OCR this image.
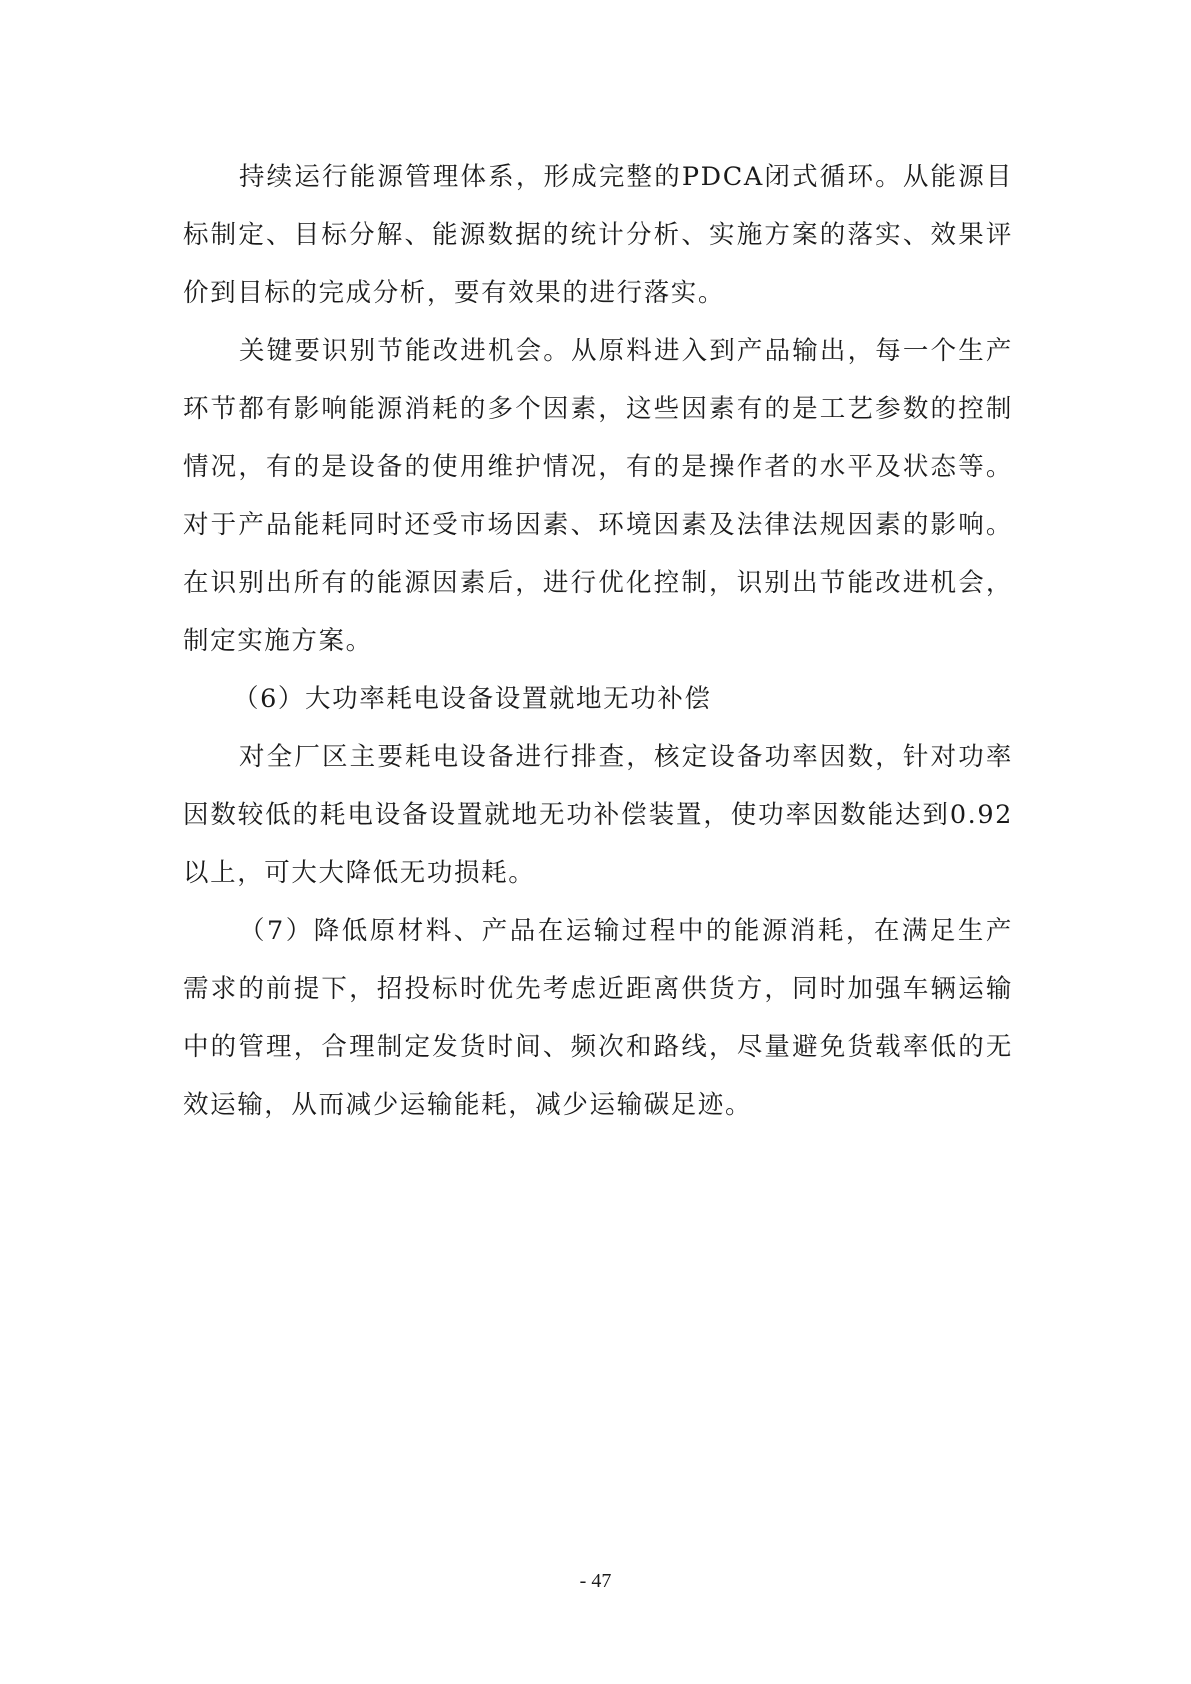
持续运行能源管理体系，形成完整的PDCA闭式循环。从能源目标制定、目标分解、能源数据的统计分析、实施方案的落实、效果评价到目标的完成分析，要有效果的进行落实。

关键要识别节能改进机会。从原料进入到产品输出，每一个生产环节都有影响能源消耗的多个因素，这些因素有的是工艺参数的控制情况，有的是设备的使用维护情况，有的是操作者的水平及状态等。对于产品能耗同时还受市场因素、环境因素及法律法规因素的影响。在识别出所有的能源因素后，进行优化控制，识别出节能改进机会，制定实施方案。

（6）大功率耗电设备设置就地无功补偿

对全厂区主要耗电设备进行排查，核定设备功率因数，针对功率因数较低的耗电设备设置就地无功补偿装置，使功率因数能达到0.92以上，可大大降低无功损耗。

（7）降低原材料、产品在运输过程中的能源消耗，在满足生产需求的前提下，招投标时优先考虑近距离供货方，同时加强车辆运输中的管理，合理制定发货时间、频次和路线，尽量避免货载率低的无效运输，从而减少运输能耗，减少运输碳足迹。

- 47
